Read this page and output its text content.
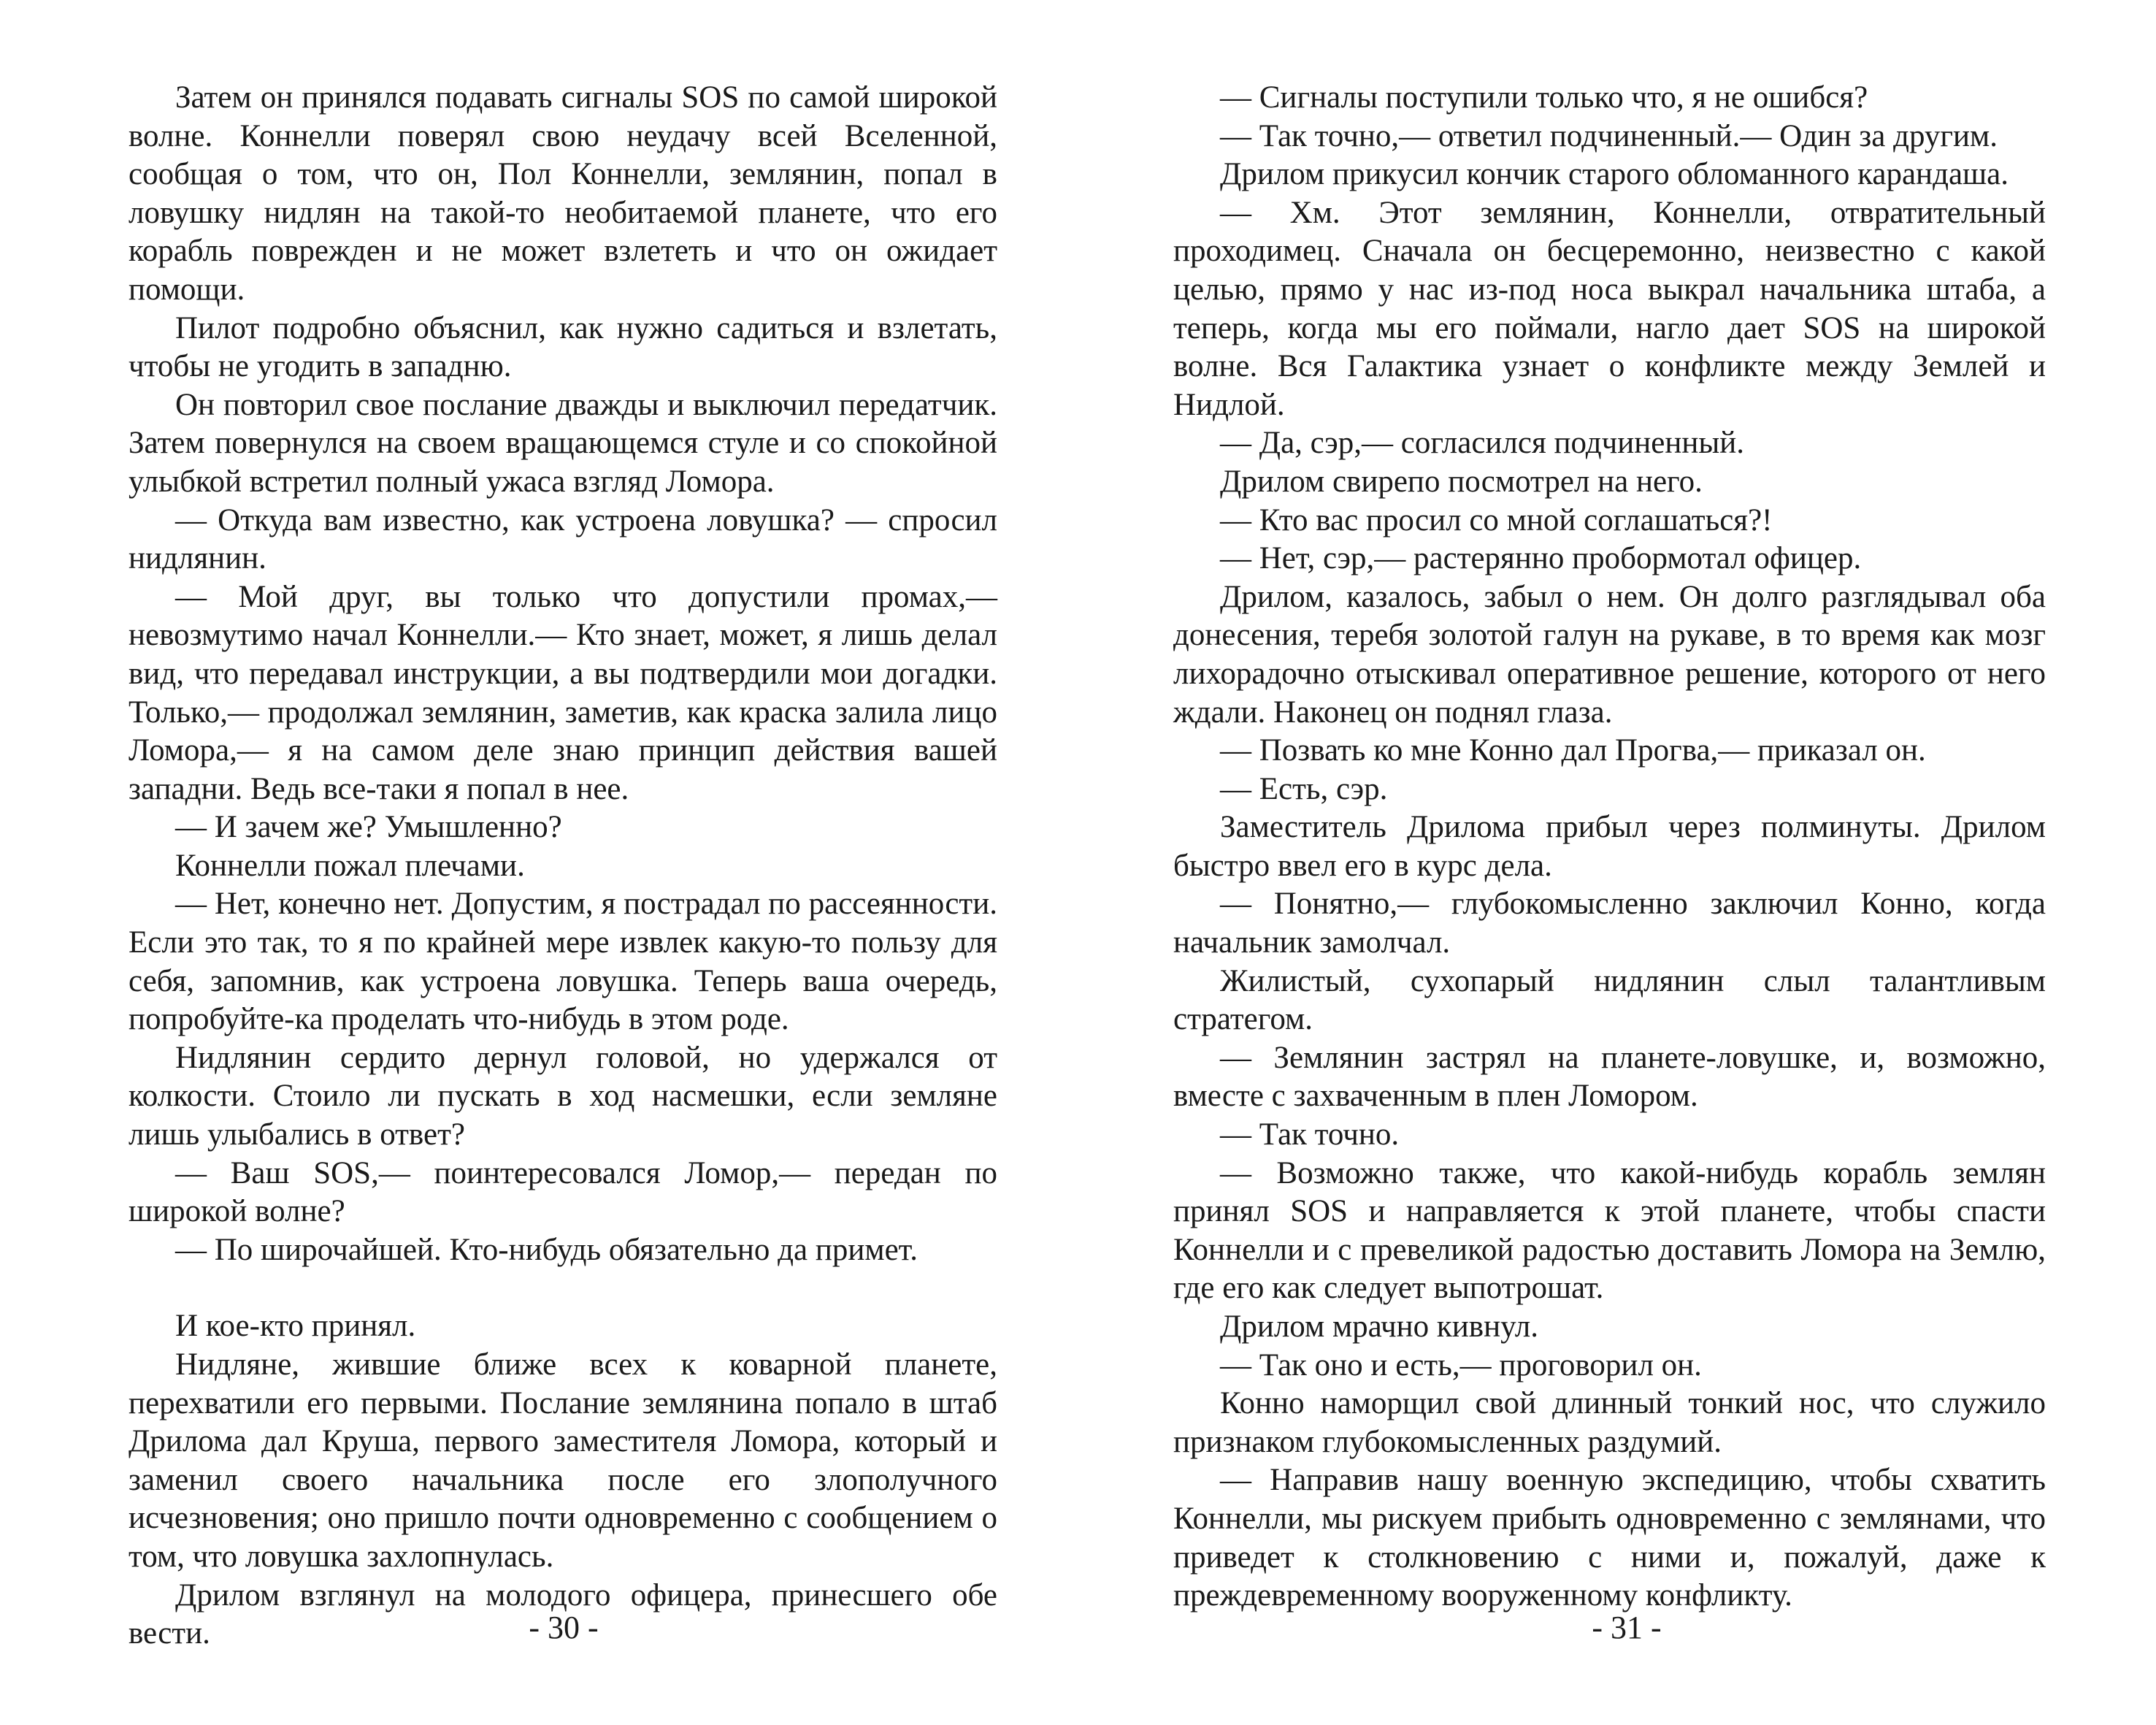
Затем он принялся подавать сигналы SOS по самой широкой волне. Коннелли поверял свою неудачу всей Вселенной, сообщая о том, что он, Пол Коннелли, землянин, попал в ловушку нидлян на такой-то необитаемой планете, что его корабль поврежден и не может взлететь и что он ожидает помощи.

Пилот подробно объяснил, как нужно садиться и взлетать, чтобы не угодить в западню.

Он повторил свое послание дважды и выключил передатчик. Затем повернулся на своем вращающемся стуле и со спокойной улыбкой встретил полный ужаса взгляд Ломора.

— Откуда вам известно, как устроена ловушка? — спросил нидлянин.

— Мой друг, вы только что допустили промах,— невозмутимо начал Коннелли.— Кто знает, может, я лишь делал вид, что передавал инструкции, а вы подтвердили мои догадки. Только,— продолжал землянин, заметив, как краска залила лицо Ломора,— я на самом деле знаю принцип действия вашей западни. Ведь все-таки я попал в нее.

— И зачем же? Умышленно?

Коннелли пожал плечами.

— Нет, конечно нет. Допустим, я пострадал по рассеянности. Если это так, то я по крайней мере извлек какую-то пользу для себя, запомнив, как устроена ловушка. Теперь ваша очередь, попробуйте-ка проделать что-нибудь в этом роде.

Нидлянин сердито дернул головой, но удержался от колкости. Стоило ли пускать в ход насмешки, если земляне лишь улыбались в ответ?

— Ваш SOS,— поинтересовался Ломор,— передан по широкой волне?

— По широчайшей. Кто-нибудь обязательно да примет.

И кое-кто принял.

Нидляне, жившие ближе всех к коварной планете, перехватили его первыми. Послание землянина попало в штаб Дрилома дал Круша, первого заместителя Ломора, который и заменил своего начальника после его злополучного исчезновения; оно пришло почти одновременно с сообщением о том, что ловушка захлопнулась.

Дрилом взглянул на молодого офицера, принесшего обе вести.

— Сигналы поступили только что, я не ошибся?

— Так точно,— ответил подчиненный.— Один за другим.

Дрилом прикусил кончик старого обломанного карандаша.

— Хм. Этот землянин, Коннелли, отвратительный проходимец. Сначала он бесцеремонно, неизвестно с какой целью, прямо у нас из-под носа выкрал начальника штаба, а теперь, когда мы его поймали, нагло дает SOS на широкой волне. Вся Галактика узнает о конфликте между Землей и Нидлой.

— Да, сэр,— согласился подчиненный.

Дрилом свирепо посмотрел на него.

— Кто вас просил со мной соглашаться?!

— Нет, сэр,— растерянно пробормотал офицер.

Дрилом, казалось, забыл о нем. Он долго разглядывал оба донесения, теребя золотой галун на рукаве, в то время как мозг лихорадочно отыскивал оперативное решение, которого от него ждали. Наконец он поднял глаза.

— Позвать ко мне Конно дал Прогва,— приказал он.

— Есть, сэр.

Заместитель Дрилома прибыл через полминуты. Дрилом быстро ввел его в курс дела.

— Понятно,— глубокомысленно заключил Конно, когда начальник замолчал.

Жилистый, сухопарый нидлянин слыл талантливым стратегом.

— Землянин застрял на планете-ловушке, и, возможно, вместе с захваченным в плен Ломором.

— Так точно.

— Возможно также, что какой-нибудь корабль землян принял SOS и направляется к этой планете, чтобы спасти Коннелли и с превеликой радостью доставить Ломора на Землю, где его как следует выпотрошат.

Дрилом мрачно кивнул.

— Так оно и есть,— проговорил он.

Конно наморщил свой длинный тонкий нос, что служило признаком глубокомысленных раздумий.

— Направив нашу военную экспедицию, чтобы схватить Коннелли, мы рискуем прибыть одновременно с землянами, что приведет к столкновению с ними и, пожалуй, даже к преждевременному вооруженному конфликту.

- 30 -	- 31 -
